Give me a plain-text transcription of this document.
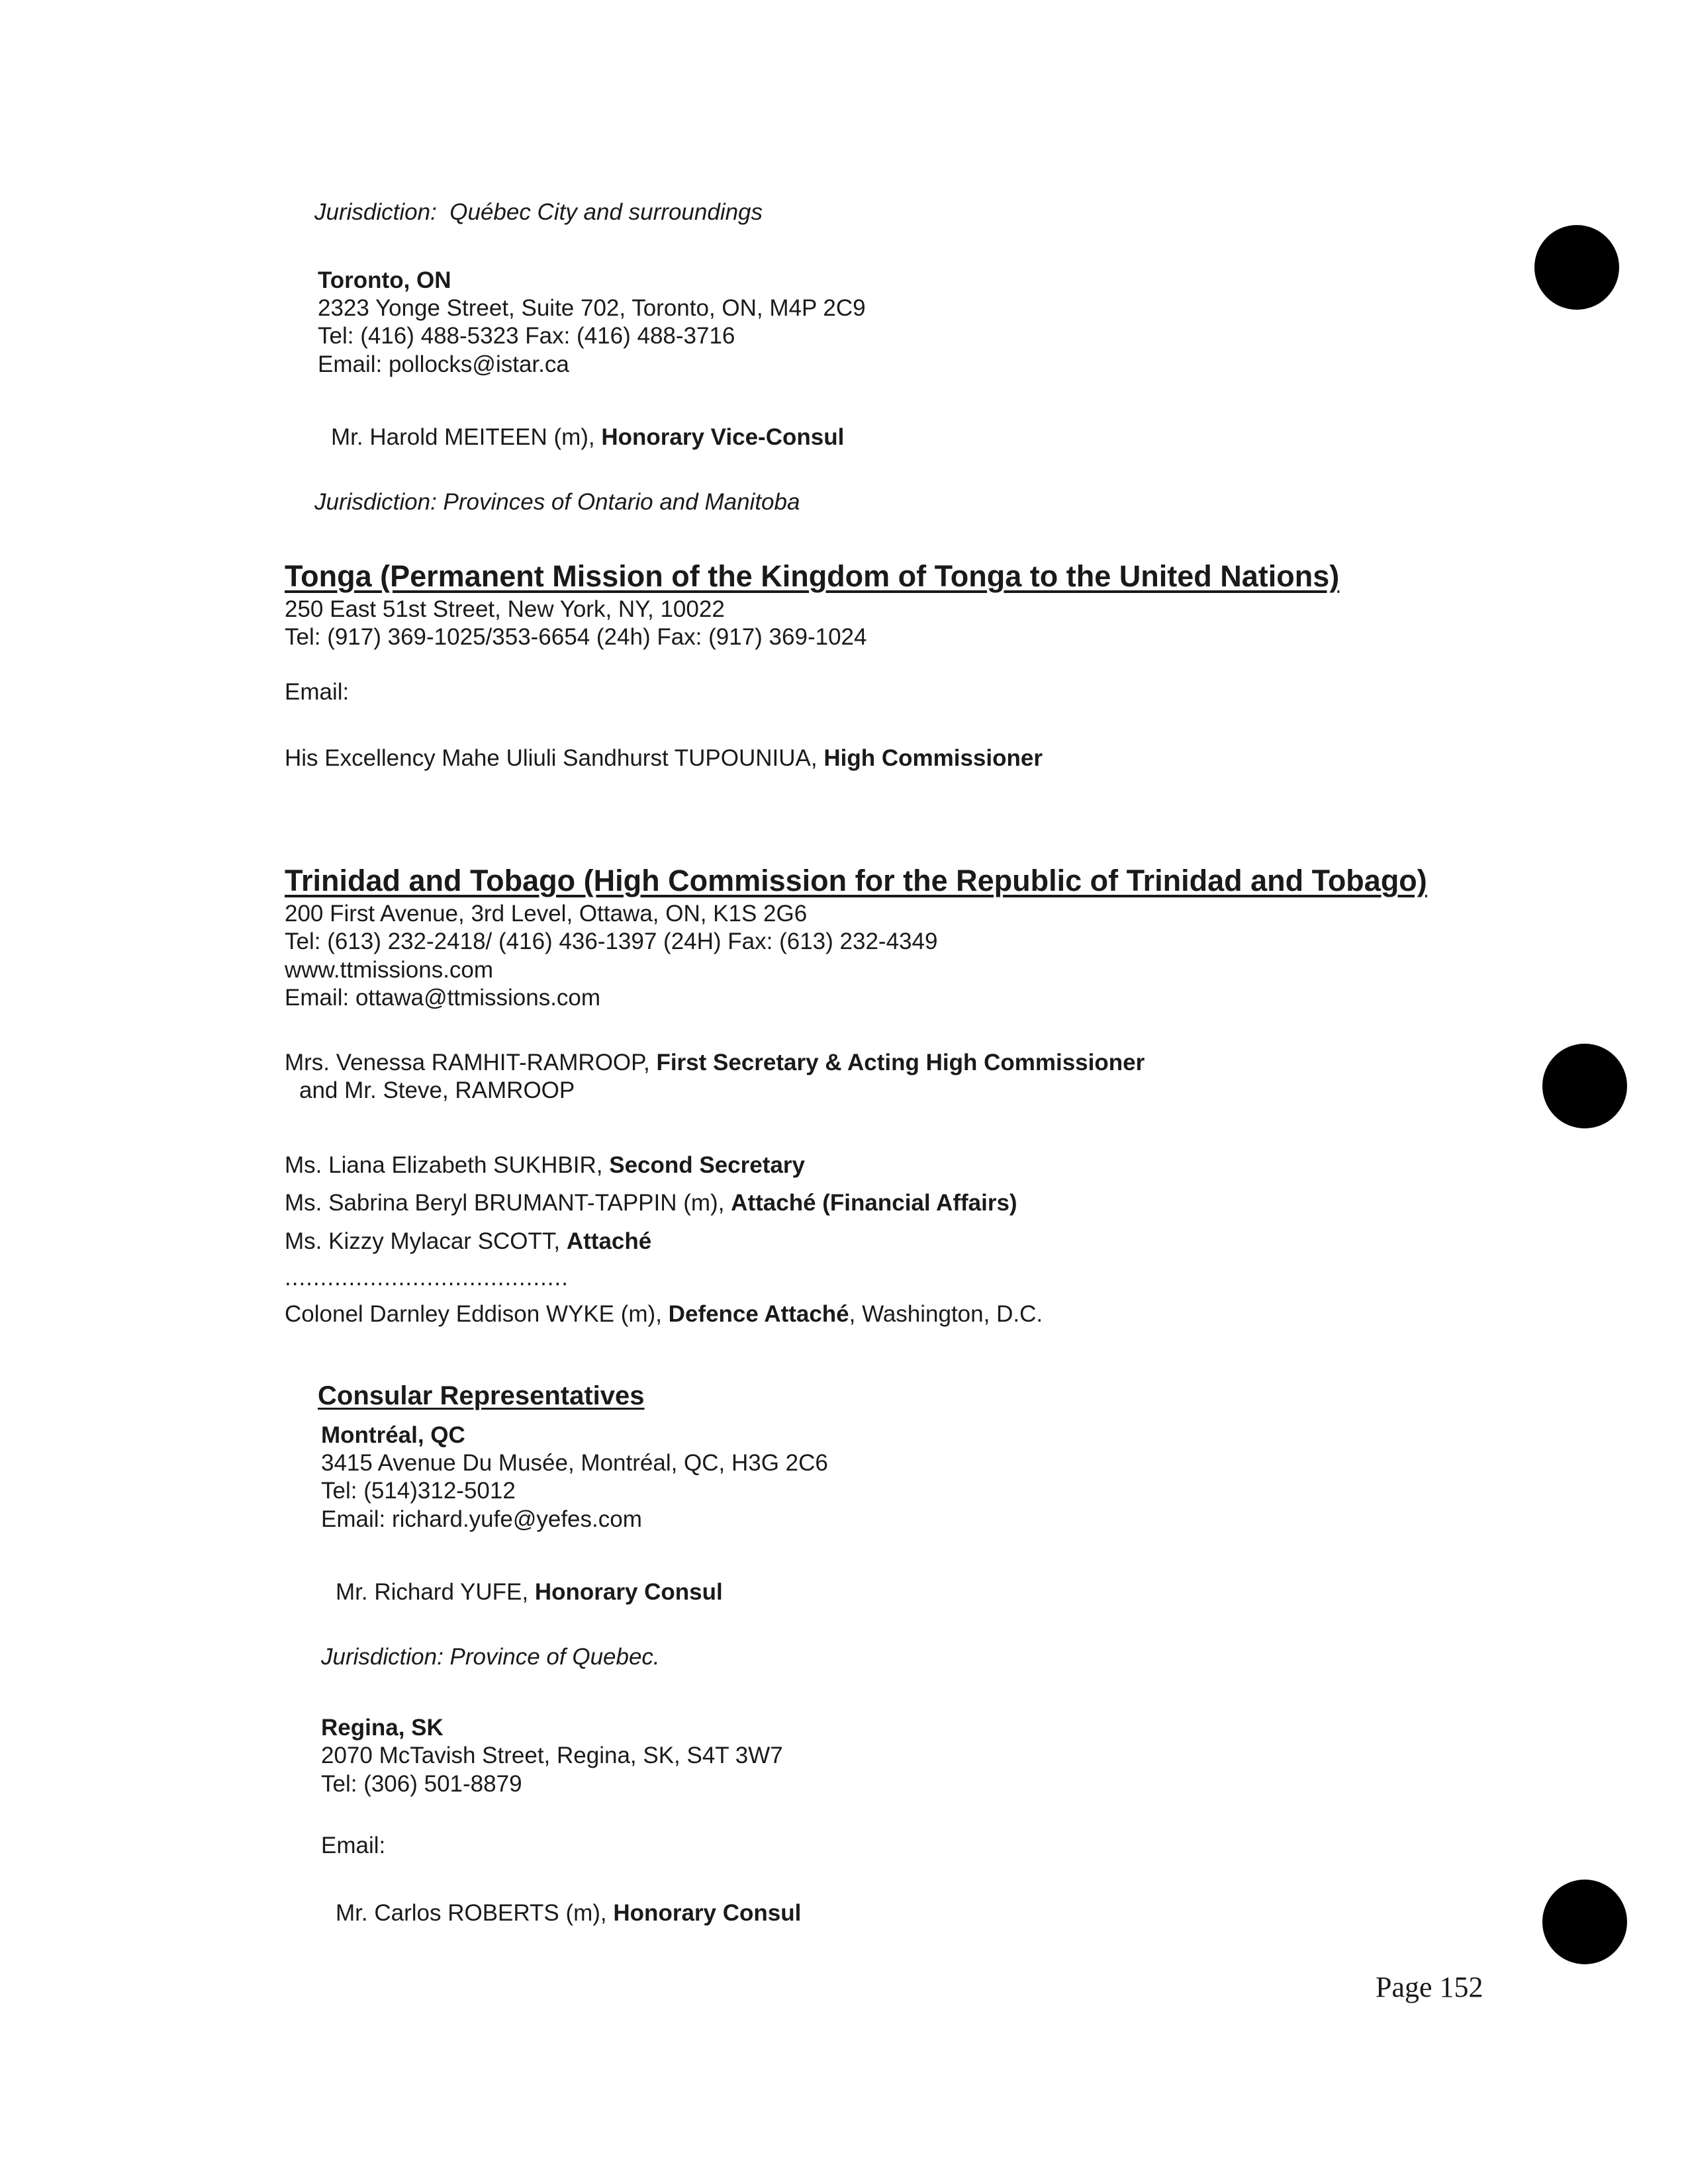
Jurisdiction: Québec City and surroundings
Toronto, ON
2323 Yonge Street, Suite 702, Toronto, ON, M4P 2C9
Tel: (416) 488-5323 Fax: (416) 488-3716
Email: pollocks@istar.ca
Mr. Harold MEITEEN (m), Honorary Vice-Consul
Jurisdiction: Provinces of Ontario and Manitoba
Tonga (Permanent Mission of the Kingdom of Tonga to the United Nations)
250 East 51st Street, New York, NY, 10022
Tel: (917) 369-1025/353-6654 (24h) Fax: (917) 369-1024
Email:
His Excellency Mahe Uliuli Sandhurst TUPOUNIUA, High Commissioner
Trinidad and Tobago (High Commission for the Republic of Trinidad and Tobago)
200 First Avenue, 3rd Level, Ottawa, ON, K1S 2G6
Tel: (613) 232-2418/ (416) 436-1397 (24H) Fax: (613) 232-4349
www.ttmissions.com
Email: ottawa@ttmissions.com
Mrs. Venessa RAMHIT-RAMROOP, First Secretary & Acting High Commissioner
and Mr. Steve, RAMROOP
Ms. Liana Elizabeth SUKHBIR, Second Secretary
Ms. Sabrina Beryl BRUMANT-TAPPIN (m), Attaché (Financial Affairs)
Ms. Kizzy Mylacar SCOTT, Attaché
........................................
Colonel Darnley Eddison WYKE (m), Defence Attaché, Washington, D.C.
Consular Representatives
Montréal, QC
3415 Avenue Du Musée, Montréal, QC, H3G 2C6
Tel: (514)312-5012
Email: richard.yufe@yefes.com
Mr. Richard YUFE, Honorary Consul
Jurisdiction: Province of Quebec.
Regina, SK
2070 McTavish Street, Regina, SK, S4T 3W7
Tel: (306) 501-8879
Email:
Mr. Carlos ROBERTS (m), Honorary Consul
Page 152
